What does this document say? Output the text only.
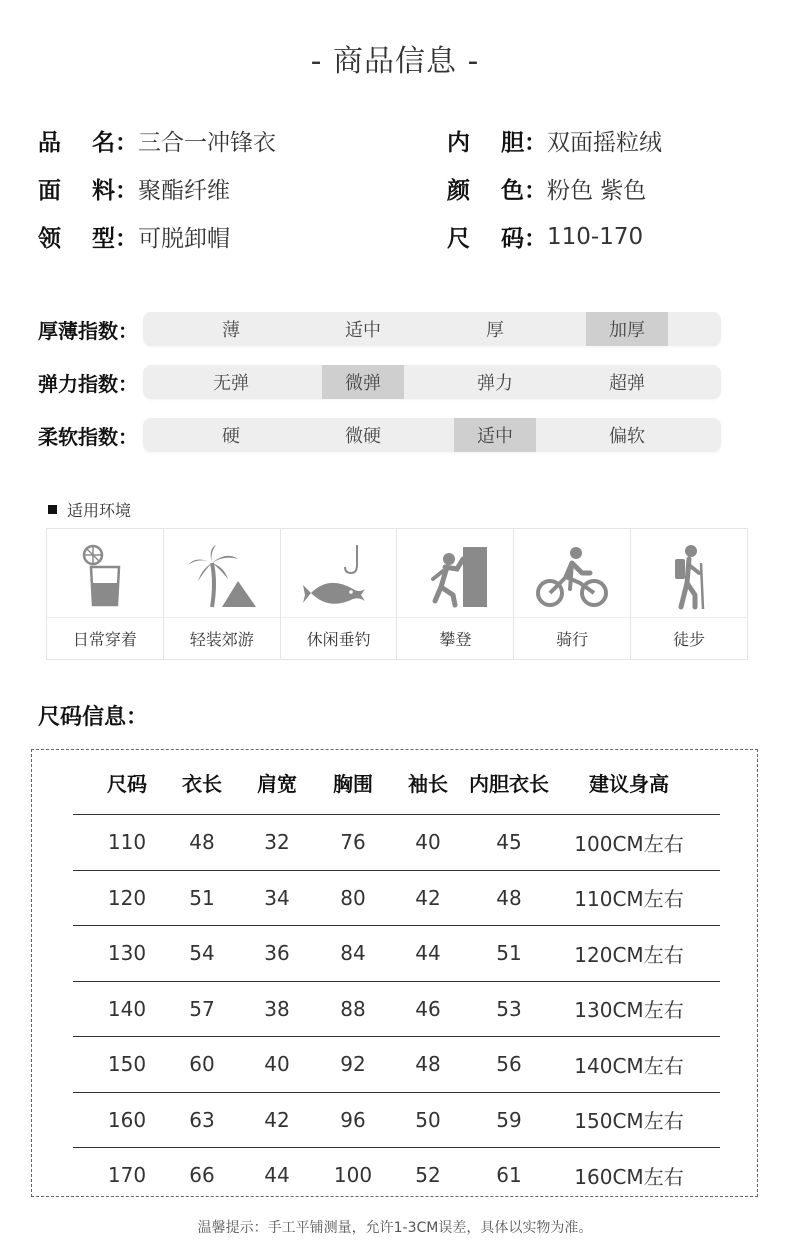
- 商品信息 -
品 名： 三合一冲锋衣
面 料： 聚酯纤维
领 型： 可脱卸帽
内 胆： 双面摇粒绒
颜 色： 粉色 紫色
尺 码： 110-170
厚薄指数：	薄	适中	厚	加厚
弹力指数：	无弹	微弹	弹力	超弹
柔软指数：	硬	微硬	适中	偏软
适用环境
日常穿着	轻装郊游	休闲垂钓	攀登	骑行	徒步
尺码信息：
尺码 衣长 肩宽 胸围 袖长 内胆衣长 建议身高
110 48 32	76 40	45	100CM左右
120 51 34	80 42	48	110CM左右
130 54 36	84 44	51	120CM左右
140 57 38	88 46	53	130CM左右
150 60 40	92 48	56	140CM左右
160 63 42	96 50	59	150CM左右
170 66 44 100 52	61	160CM左右
温馨提示：手工平铺测量，允许1-3CM误差，具体以实物为准。
